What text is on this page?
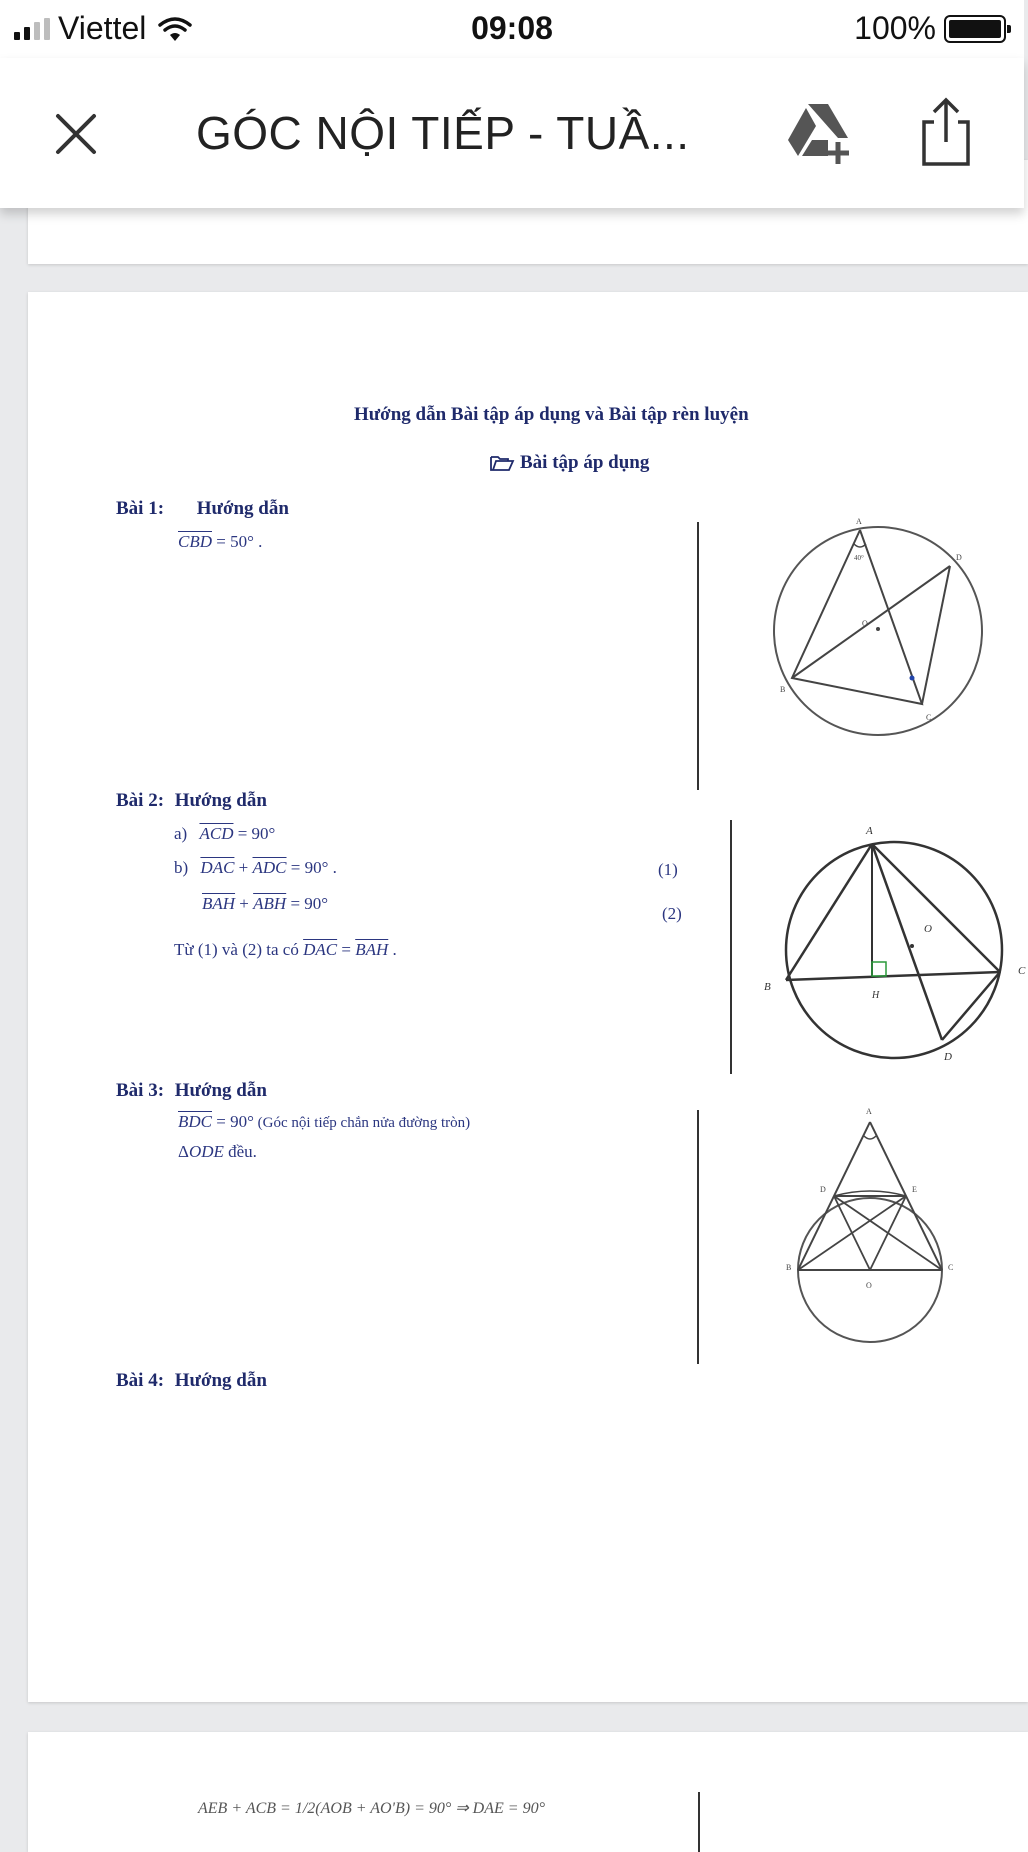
Viettel	09:08	100%
GÓC NỘI TIẾP - TUẦ...
Hướng dẫn Bài tập áp dụng và Bài tập rèn luyện
Bài tập áp dụng
Bài 1: Hướng dẫn
$\overline{CBD} = 50^\circ$ .
A
D
B
C
O
40°
Bài 2: Hướng dẫn
a) $\overline{ACD} = 90^\circ$
b) $\overline{DAC} + \overline{ADC} = 90^\circ$ .	(1)
$\overline{BAH} + \overline{ABH} = 90^\circ$
(2)
Từ (1) và (2) ta có $\overline{DAC} = \overline{BAH}$ .
A
B
C
D
H
O
Bài 3: Hướng dẫn
$\overline{BDC} = 90^\circ$ (Góc nội tiếp chắn nửa đường tròn)
ΔODE đều.
A
D	E
B	C
O
Bài 4: Hướng dẫn
AEB + ACB = 1/2(AOB + AO'B) = 90° ⇒ DAE = 90°
